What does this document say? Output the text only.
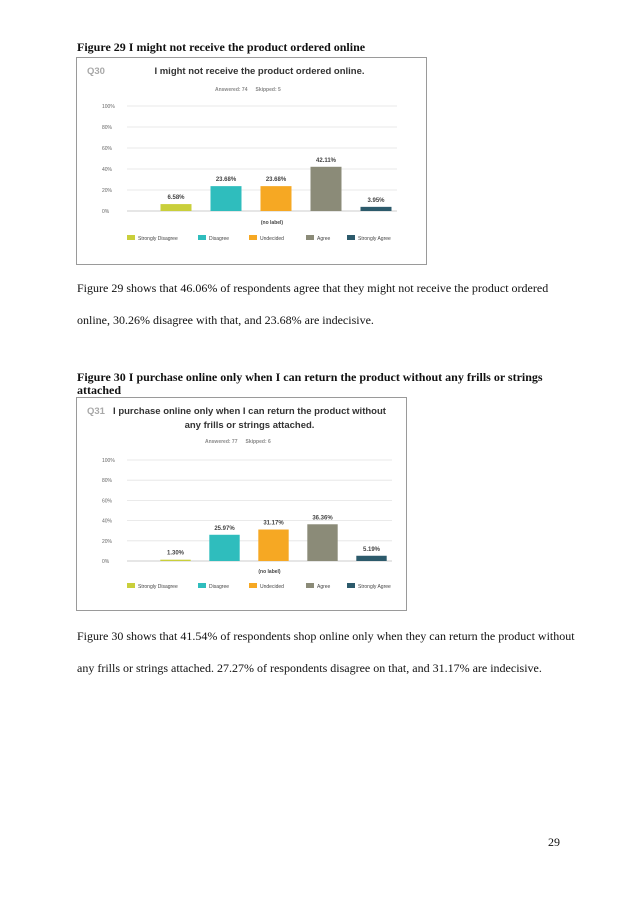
Figure 29 I might not receive the product ordered online
I might not receive the product ordered online.
Q30
Answered: 74 Skipped: 5
0%
20%
40%
60%
80%
100%
6.58%
23.68%	23.68%
42.11%
3.95%
(no label)
Strongly Disagree	Disagree	Undecided	Agree	Strongly Agree
Figure 29 shows that 46.06% of respondents agree that they might not receive the product ordered online, 30.26% disagree with that, and 23.68% are indecisive.
Figure 30 I purchase online only when I can return the product without any frills or strings attached
I purchase online only when I can return the product without
any frills or strings attached.
Q31
Answered: 77 Skipped: 6
0%
20%
40%
60%
80%
100%
1.30%
25.97%
31.17%
36.36%
5.19%
(no label)
Strongly Disagree	Disagree	Undecided	Agree	Strongly Agree
Figure 30 shows that 41.54% of respondents shop online only when they can return the product without any frills or strings attached. 27.27% of respondents disagree on that, and 31.17% are indecisive.
29
